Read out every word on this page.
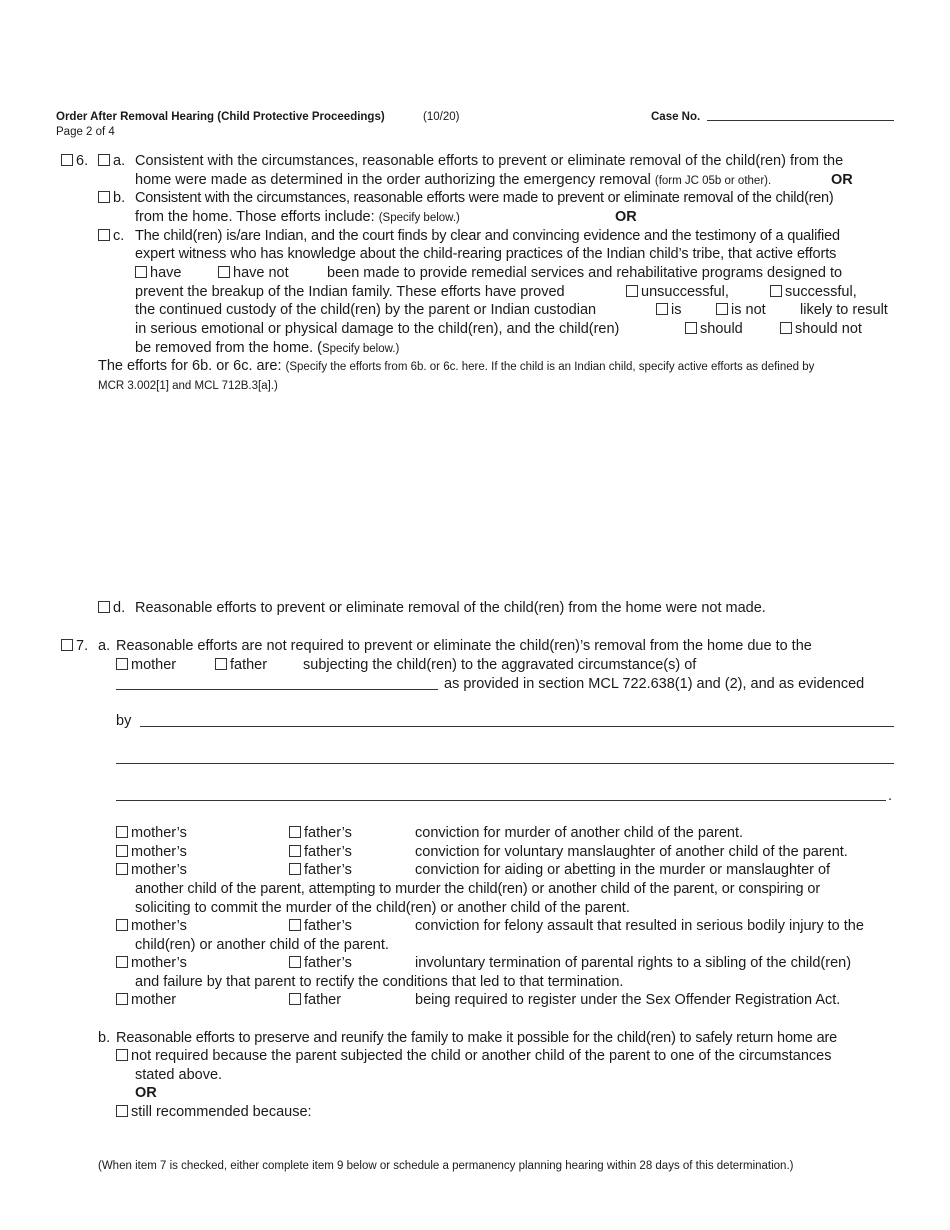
Order After Removal Hearing (Child Protective Proceedings)	(10/20)	Case No.
Page 2 of 4
6.	a. Consistent with the circumstances, reasonable efforts to prevent or eliminate removal of the child(ren) from the
home were made as determined in the order authorizing the emergency removal (form JC 05b or other).	OR
b. Consistent with the circumstances, reasonable efforts were made to prevent or eliminate removal of the child(ren)
from the home. Those efforts include: (Specify below.)	OR
c. The child(ren) is/are Indian, and the court finds by clear and convincing evidence and the testimony of a qualified
expert witness who has knowledge about the child-rearing practices of the Indian child’s tribe, that active efforts
have	have not	been made to provide remedial services and rehabilitative programs designed to
prevent the breakup of the Indian family. These efforts have proved	unsuccessful,	successful,
the continued custody of the child(ren) by the parent or Indian custodian	is	is not likely to result
in serious emotional or physical damage to the child(ren), and the child(ren)	should	should not
be removed from the home. (Specify below.)
The efforts for 6b. or 6c. are: (Specify the efforts from 6b. or 6c. here. If the child is an Indian child, specify active efforts as defined by
MCR 3.002[1] and MCL 712B.3[a].)
d. Reasonable efforts to prevent or eliminate removal of the child(ren) from the home were not made.
7. a. Reasonable efforts are not required to prevent or eliminate the child(ren)’s removal from the home due to the
mother	father subjecting the child(ren) to the aggravated circumstance(s) of
as provided in section MCL 722.638(1) and (2), and as evidenced
by
.
mother’s	father’s	conviction for murder of another child of the parent.
mother’s	father’s	conviction for voluntary manslaughter of another child of the parent.
mother’s	father’s	conviction for aiding or abetting in the murder or manslaughter of
another child of the parent, attempting to murder the child(ren) or another child of the parent, or conspiring or
soliciting to commit the murder of the child(ren) or another child of the parent.
mother’s	father’s	conviction for felony assault that resulted in serious bodily injury to the
child(ren) or another child of the parent.
mother’s	father’s	involuntary termination of parental rights to a sibling of the child(ren)
and failure by that parent to rectify the conditions that led to that termination.
mother	father	being required to register under the Sex Offender Registration Act.
b. Reasonable efforts to preserve and reunify the family to make it possible for the child(ren) to safely return home are
not required because the parent subjected the child or another child of the parent to one of the circumstances
stated above.
OR
still recommended because:
(When item 7 is checked, either complete item 9 below or schedule a permanency planning hearing within 28 days of this determination.)
